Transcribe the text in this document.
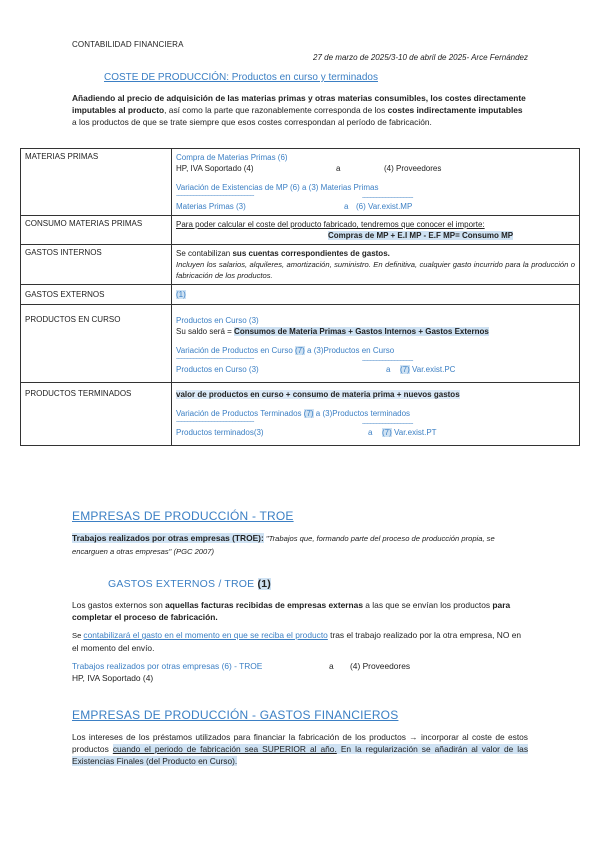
CONTABILIDAD FINANCIERA
27 de marzo de 2025/3-10 de abril de 2025- Arce Fernández
COSTE DE PRODUCCIÓN: Productos en curso y terminados
Añadiendo al precio de adquisición de las materias primas y otras materias consumibles, los costes directamente imputables al producto, así como la parte que razonablemente corresponda de los costes indirectamente imputables a los productos de que se trate siempre que esos costes correspondan al período de fabricación.
MATERIAS PRIMAS	Compra de Materias Primas (6)
HP, IVA Soportado (4) a (4) Proveedores
Variación de Existencias de MP (6) a (3) Materias Primas
---------------------------------------------------- ----------------------------------
Materias Primas (3) a (6) Var.exist.MP

CONSUMO MATERIAS PRIMAS	Para poder calcular el coste del producto fabricado, tendremos que conocer el importe:
Compras de MP + E.I MP - E.F MP= Consumo MP

GASTOS INTERNOS	Se contabilizan sus cuentas correspondientes de gastos.
Incluyen los salarios, alquileres, amortización, suministro. En definitiva, cualquier gasto incurrido para la producción o fabricación de los productos.

GASTOS EXTERNOS	(1)
PRODUCTOS EN CURSO	Productos en Curso (3)
Su saldo será = Consumos de Materia Primas + Gastos Internos + Gastos Externos
Variación de Productos en Curso (7) a (3)Productos en Curso
---------------------------------------------------- ----------------------------------
Productos en Curso (3) a (7) Var.exist.PC

PRODUCTOS TERMINADOS	valor de productos en curso + consumo de materia prima + nuevos gastos
Variación de Productos Terminados (7) a (3)Productos terminados
---------------------------------------------------- ----------------------------------
Productos terminados(3) a (7) Var.exist.PT
EMPRESAS DE PRODUCCIÓN - TROE
Trabajos realizados por otras empresas (TROE): "Trabajos que, formando parte del proceso de producción propia, se encarguen a otras empresas" (PGC 2007)
GASTOS EXTERNOS / TROE (1)
Los gastos externos son aquellas facturas recibidas de empresas externas a las que se envían los productos para completar el proceso de fabricación.
Se contabilizará el gasto en el momento en que se reciba el producto tras el trabajo realizado por la otra empresa, NO en el momento del envío.
Trabajos realizados por otras empresas (6) - TROE	a (4) Proveedores
HP, IVA Soportado (4)
EMPRESAS DE PRODUCCIÓN - GASTOS FINANCIEROS
Los intereses de los préstamos utilizados para financiar la fabricación de los productos → incorporar al coste de estos productos cuando el periodo de fabricación sea SUPERIOR al año. En la regularización se añadirán al valor de las Existencias Finales (del Producto en Curso).
